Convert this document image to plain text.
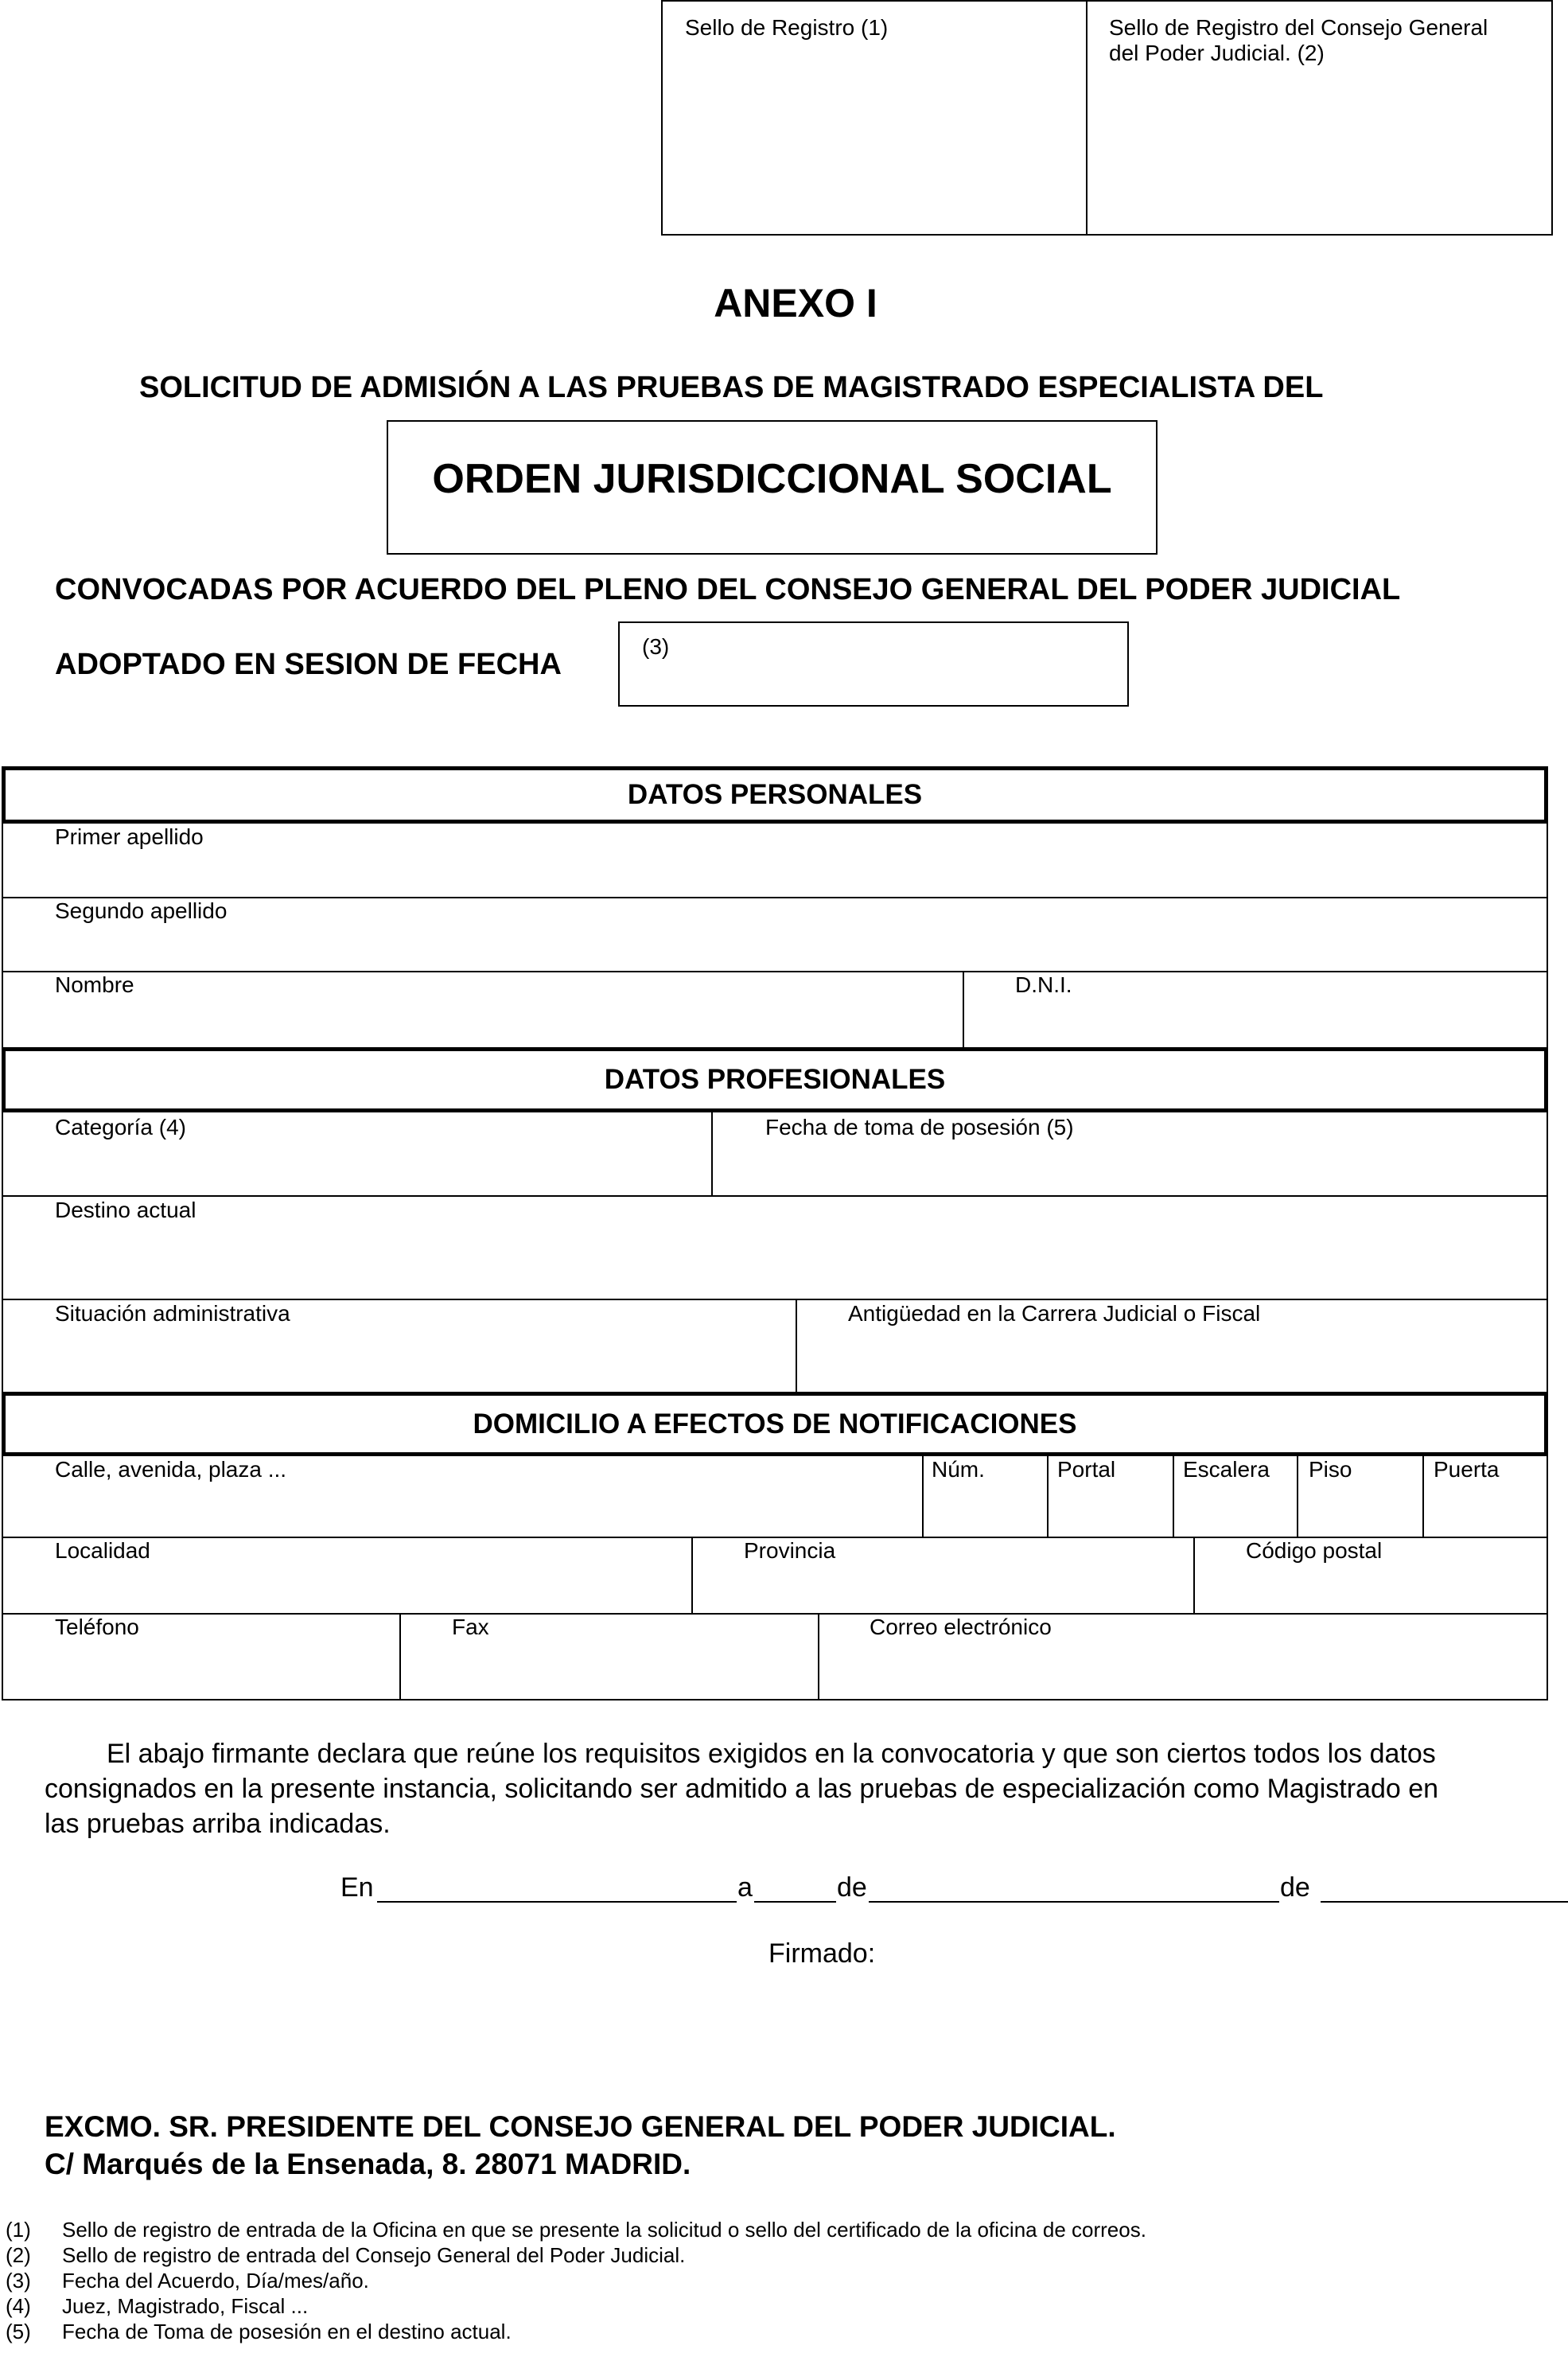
Sello de Registro (1)	Sello de Registro del Consejo General del Poder Judicial. (2)
ANEXO I
SOLICITUD DE ADMISIÓN A LAS PRUEBAS DE MAGISTRADO ESPECIALISTA DEL
ORDEN JURISDICCIONAL SOCIAL
CONVOCADAS POR ACUERDO DEL PLENO DEL CONSEJO GENERAL DEL PODER JUDICIAL
ADOPTADO EN SESION DE FECHA
(3)
DATOS PERSONALES
Primer apellido
Segundo apellido
Nombre	D.N.I.
DATOS PROFESIONALES
Categoría (4)	Fecha de toma de posesión (5)
Destino actual
Situación administrativa	Antigüedad en la Carrera Judicial o Fiscal
DOMICILIO A EFECTOS DE NOTIFICACIONES
Calle, avenida, plaza ...	Núm.	Portal	Escalera Piso	Puerta
Localidad	Provincia	Código postal
Teléfono	Fax	Correo electrónico
El abajo firmante declara que reúne los requisitos exigidos en la convocatoria y que son ciertos todos los datos
consignados en la presente instancia, solicitando ser admitido a las pruebas de especialización como Magistrado en
las pruebas arriba indicadas.
En	a	de	de
Firmado:
EXCMO. SR. PRESIDENTE DEL CONSEJO GENERAL DEL PODER JUDICIAL.
C/ Marqués de la Ensenada, 8. 28071 MADRID.
(1) Sello de registro de entrada de la Oficina en que se presente la solicitud o sello del certificado de la oficina de correos.
(2) Sello de registro de entrada del Consejo General del Poder Judicial.
(3) Fecha del Acuerdo, Día/mes/año.
(4) Juez, Magistrado, Fiscal ...
(5) Fecha de Toma de posesión en el destino actual.
